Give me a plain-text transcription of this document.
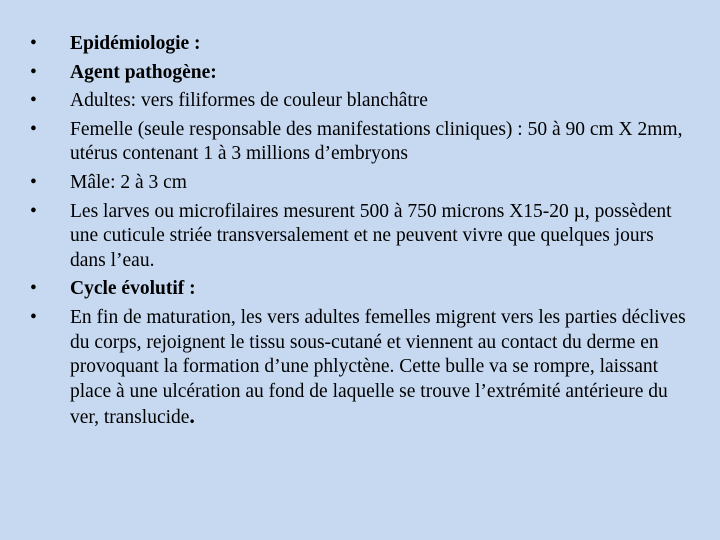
•
Epidémiologie :
•
Agent pathogène:
•
Adultes: vers filiformes de couleur blanchâtre
•
Femelle (seule responsable des manifestations cliniques) : 50 à 90 cm X 2mm, utérus contenant 1 à 3 millions d’embryons
•
Mâle: 2 à 3 cm
•
Les larves ou microfilaires mesurent 500 à 750 microns X15-20 µ, possèdent une cuticule striée transversalement et ne peuvent vivre que quelques jours dans l’eau.
•
Cycle évolutif :
•
En fin de maturation, les vers adultes femelles migrent vers les parties déclives du corps, rejoignent le tissu sous-cutané et viennent au contact du derme en provoquant la formation d’une phlyctène. Cette bulle va se rompre, laissant place à une ulcération au fond de laquelle se trouve l’extrémité antérieure du ver, translucide.
